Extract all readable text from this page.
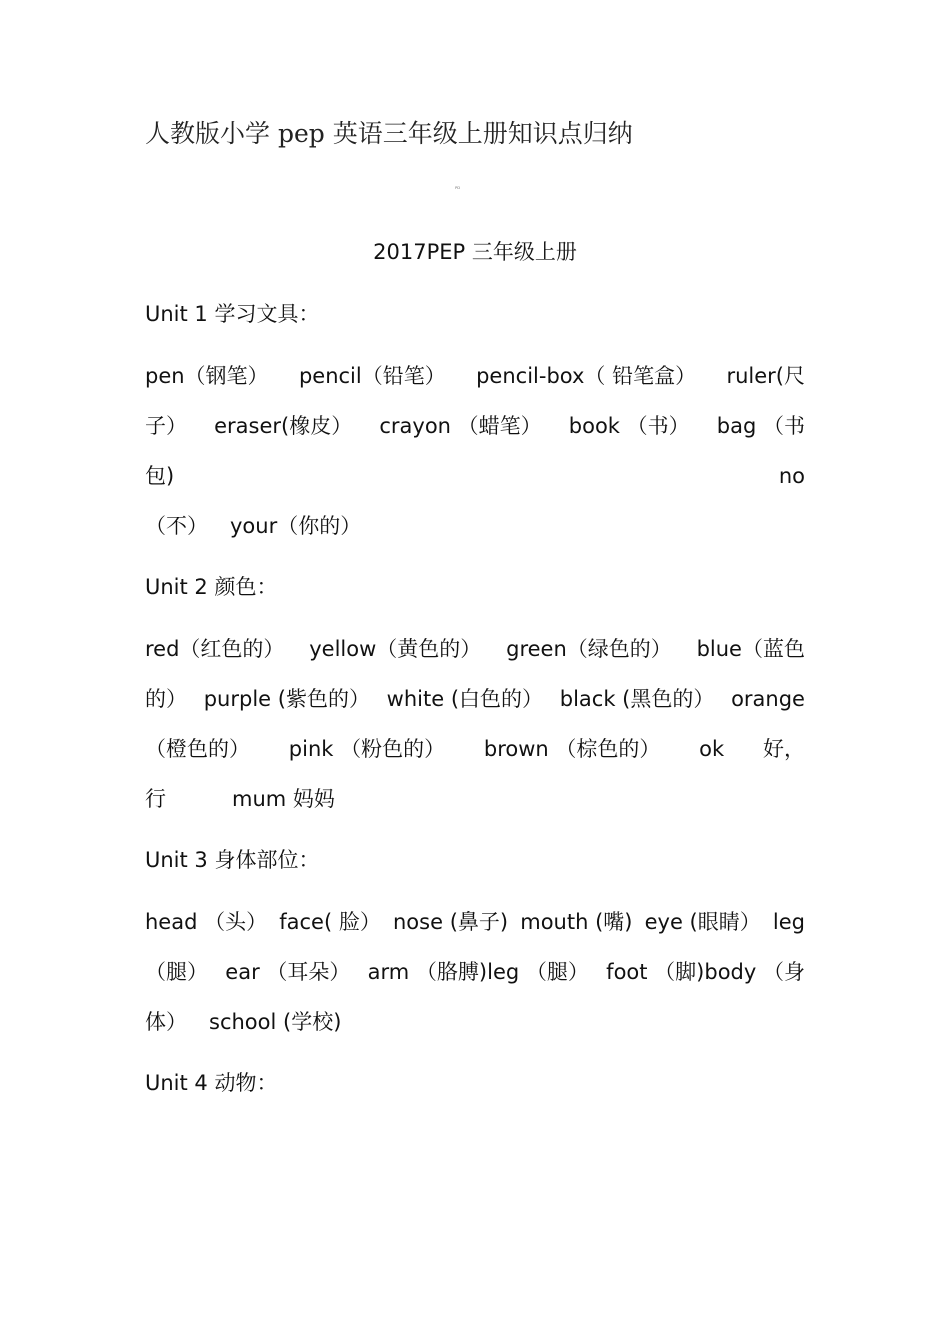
人教版小学 pep 英语三年级上册知识点归纳
ᴾᴰ
2017PEP 三年级上册
Unit 1 学习文具：
pen（钢笔） pencil（铅笔） pencil-box（ 铅笔盒） ruler(尺
子） eraser(橡皮） crayon （蜡笔） book （书） bag （书
包)	no
（不） your（你的）
Unit 2 颜色：
red（红色的） yellow（黄色的） green（绿色的） blue（蓝色
的） purple (紫色的） white (白色的） black (黑色的） orange
（橙色的） pink （粉色的） brown （棕色的） ok 好，
行	mum 妈妈
Unit 3 身体部位：
head （头） face( 脸） nose (鼻子) mouth (嘴) eye (眼睛） leg
（腿） ear （耳朵） arm （胳膊)leg （腿） foot （脚)body （身
体） school (学校)
Unit 4 动物：
